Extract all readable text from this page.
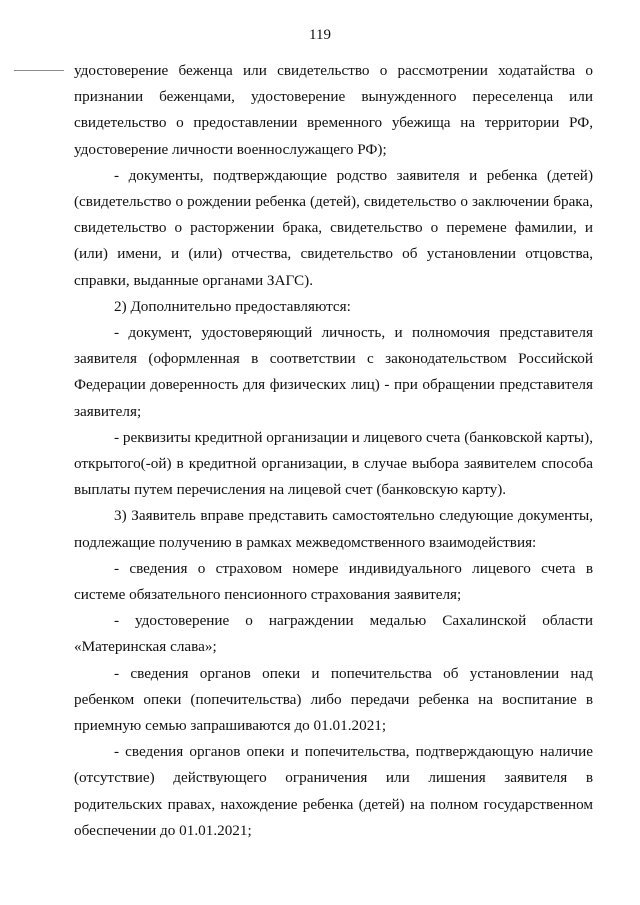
119

удостоверение беженца или свидетельство о рассмотрении ходатайства о признании беженцами, удостоверение вынужденного переселенца или свидетельство о предоставлении временного убежища на территории РФ, удостоверение личности военнослужащего РФ);

- документы, подтверждающие родство заявителя и ребенка (детей) (свидетельство о рождении ребенка (детей), свидетельство о заключении брака, свидетельство о расторжении брака, свидетельство о перемене фамилии, и (или) имени, и (или) отчества, свидетельство об установлении отцовства, справки, выданные органами ЗАГС).

2) Дополнительно предоставляются:

- документ, удостоверяющий личность, и полномочия представителя заявителя (оформленная в соответствии с законодательством Российской Федерации доверенность для физических лиц) - при обращении представителя заявителя;

- реквизиты кредитной организации и лицевого счета (банковской карты), открытого(-ой) в кредитной организации, в случае выбора заявителем способа выплаты путем перечисления на лицевой счет (банковскую карту).

3) Заявитель вправе представить самостоятельно следующие документы, подлежащие получению в рамках межведомственного взаимодействия:

- сведения о страховом номере индивидуального лицевого счета в системе обязательного пенсионного страхования заявителя;

- удостоверение о награждении медалью Сахалинской области «Материнская слава»;

- сведения органов опеки и попечительства об установлении над ребенком опеки (попечительства) либо передачи ребенка на воспитание в приемную семью запрашиваются до 01.01.2021;

- сведения органов опеки и попечительства, подтверждающую наличие (отсутствие) действующего ограничения или лишения заявителя в родительских правах, нахождение ребенка (детей) на полном государственном обеспечении до 01.01.2021;
